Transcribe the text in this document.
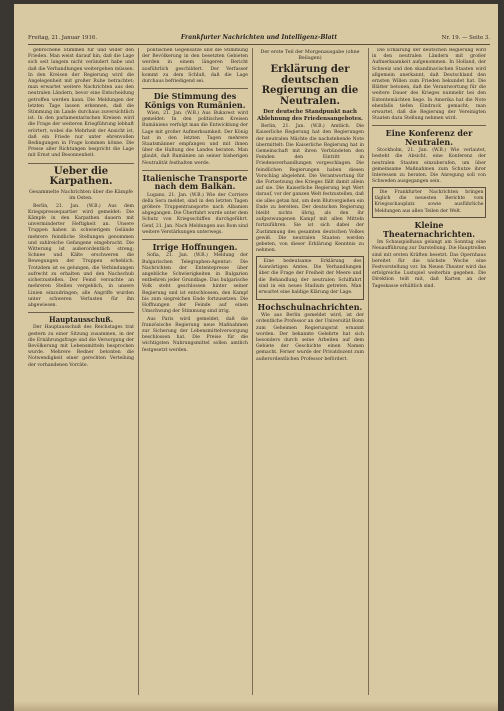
Freitag, 21. Januar 1916.	Frankfurter Nachrichten und Intelligenz-Blatt	Nr. 19. — Seite 3.

gebrochene Stimmen für und wider den Frieden. Man weist darauf hin, daß die Lage sich seit langem nicht verändert habe und daß die Verhandlungen weitergehen müssen. In den Kreisen der Regierung wird die Angelegenheit mit großer Ruhe betrachtet; man erwartet weitere Nachrichten aus den neutralen Ländern, bevor eine Entscheidung getroffen werden kann. Die Meldungen der letzten Tage lassen erkennen, daß die Stimmung im Lande durchaus zuversichtlich ist. In den parlamentarischen Kreisen wird die Frage der weiteren Kriegführung lebhaft erörtert, wobei die Mehrheit der Ansicht ist, daß ein Friede nur unter ehrenvollen Bedingungen in Frage kommen könne. Die Presse aller Richtungen bespricht die Lage mit Ernst und Besonnenheit.

Ueber die Karpathen.
Gesammelte Nachrichten über die Kämpfe im Osten.

Berlin, 21. Jan. (W.B.) Aus dem Kriegspressequartier wird gemeldet: Die Kämpfe in den Karpathen dauern mit unverminderter Heftigkeit an. Unsere Truppen haben in schwierigem Gelände mehrere feindliche Stellungen genommen und zahlreiche Gefangene eingebracht. Die Witterung ist außerordentlich streng; Schnee und Kälte erschweren die Bewegungen der Truppen erheblich. Trotzdem ist es gelungen, die Verbindungen aufrecht zu erhalten und den Nachschub sicherzustellen. Der Feind versuchte an mehreren Stellen vergeblich, in unsere Linien einzudringen; alle Angriffe wurden unter schweren Verlusten für ihn abgewiesen.

Hauptausschuß.

Der Hauptausschuß des Reichstages trat gestern zu einer Sitzung zusammen, in der die Ernährungsfrage und die Versorgung der Bevölkerung mit Lebensmitteln besprochen wurde. Mehrere Redner betonten die Notwendigkeit einer gerechten Verteilung der vorhandenen Vorräte.

politischen Gegensätze und die Stimmung der Bevölkerung in den besetzten Gebieten werden in einem längeren Bericht ausführlich geschildert. Der Verfasser kommt zu dem Schluß, daß die Lage durchaus befriedigend sei.

Die Stimmung des Königs von Rumänien.

Wien, 21. Jan. (W.B.) Aus Bukarest wird gemeldet: In den politischen Kreisen Rumäniens verfolgt man die Entwicklung der Lage mit großer Aufmerksamkeit. Der König hat in den letzten Tagen mehrere Staatsmänner empfangen und mit ihnen über die Haltung des Landes beraten. Man glaubt, daß Rumänien an seiner bisherigen Neutralität festhalten werde.

Italienische Transporte nach dem Balkan.

Lugano, 21. Jan. (W.B.) Wie der Corriere della Sera meldet, sind in den letzten Tagen größere Truppentransporte nach Albanien abgegangen. Die Überfahrt wurde unter dem Schutz von Kriegsschiffen durchgeführt. Genf, 21. Jan. Nach Meldungen aus Rom sind weitere Verstärkungen unterwegs.

Irrige Hoffnungen.

Sofia, 21. Jan. (W.B.) Meldung der Bulgarischen Telegraphen-Agentur: Die Nachrichten der Ententepresse über angebliche Schwierigkeiten in Bulgarien entbehren jeder Grundlage. Das bulgarische Volk steht geschlossen hinter seiner Regierung und ist entschlossen, den Kampf bis zum siegreichen Ende fortzusetzen. Die Hoffnungen der Feinde auf einen Umschwung der Stimmung sind irrig.

Aus Paris wird gemeldet, daß die französische Regierung neue Maßnahmen zur Sicherung der Lebensmittelversorgung beschlossen hat. Die Preise für die wichtigsten Nahrungsmittel sollen amtlich festgesetzt werden.

Der erste Teil der Morgenausgabe (ohne Beilagen)
Erklärung der deutschen Regierung an die Neutralen.
Der deutsche Standpunkt nach Ablehnung des Friedensangebotes.

Berlin, 21. Jan. (W.B.) Amtlich. Die Kaiserliche Regierung hat den Regierungen der neutralen Mächte die nachstehende Note übermittelt: Die Kaiserliche Regierung hat in Gemeinschaft mit ihren Verbündeten den Feinden den Eintritt in Friedensverhandlungen vorgeschlagen. Die feindlichen Regierungen haben diesen Vorschlag abgelehnt. Die Verantwortung für die Fortsetzung des Krieges fällt damit allein auf sie. Die Kaiserliche Regierung legt Wert darauf, vor der ganzen Welt festzustellen, daß sie alles getan hat, um dem Blutvergießen ein Ende zu bereiten. Der deutschen Regierung bleibt nichts übrig, als den ihr aufgezwungenen Kampf mit allen Mitteln fortzuführen. Sie ist sich dabei der Zustimmung des gesamten deutschen Volkes gewiß. Die neutralen Staaten werden gebeten, von dieser Erklärung Kenntnis zu nehmen.

Eine bedeutsame Erklärung des Auswärtigen Amtes. Die Verhandlungen über die Frage der Freiheit der Meere und die Behandlung der neutralen Schiffahrt sind in ein neues Stadium getreten. Man erwartet eine baldige Klärung der Lage.

Hochschulnachrichten.

Wie aus Berlin gemeldet wird, ist der ordentliche Professor an der Universität Bonn zum Geheimen Regierungsrat ernannt worden. Der bekannte Gelehrte hat sich besonders durch seine Arbeiten auf dem Gebiete der Geschichte einen Namen gemacht. Ferner wurde der Privatdozent zum außerordentlichen Professor befördert.

Die Erklärung der deutschen Regierung wird in den neutralen Ländern mit großer Aufmerksamkeit aufgenommen. In Holland, der Schweiz und den skandinavischen Staaten wird allgemein anerkannt, daß Deutschland den ernsten Willen zum Frieden bekundet hat. Die Blätter betonen, daß die Verantwortung für die weitere Dauer des Krieges nunmehr bei den Ententemächten liege. In Amerika hat die Note ebenfalls tiefen Eindruck gemacht; man erwartet, daß die Regierung der Vereinigten Staaten dazu Stellung nehmen wird.

Eine Konferenz der Neutralen.

Stockholm, 21. Jan. (W.B.) Wie verlautet, besteht die Absicht, eine Konferenz der neutralen Staaten einzuberufen, um über gemeinsame Maßnahmen zum Schutze ihrer Interessen zu beraten. Die Anregung soll von Schweden ausgegangen sein.

Die Frankfurter Nachrichten bringen täglich die neuesten Berichte vom Kriegsschauplatz sowie ausführliche Meldungen aus allen Teilen der Welt.

Kleine Theaternachrichten.

Im Schauspielhaus gelangt am Sonntag eine Neuaufführung zur Darstellung. Die Hauptrollen sind mit ersten Kräften besetzt. Das Opernhaus bereitet für die nächste Woche eine Festvorstellung vor. Im Neuen Theater wird das erfolgreiche Lustspiel weiterhin gegeben. Die Direktion teilt mit, daß Karten an der Tageskasse erhältlich sind.
